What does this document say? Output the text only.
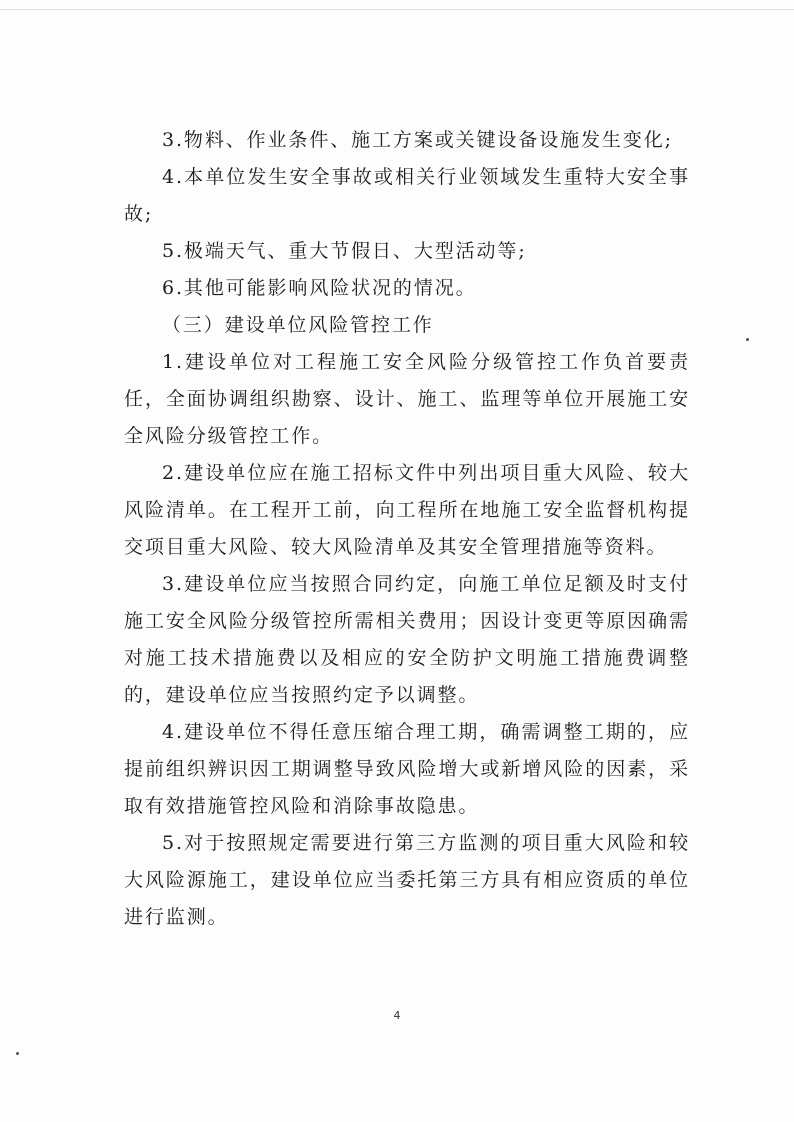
3.物料、作业条件、施工方案或关键设备设施发生变化;

4.本单位发生安全事故或相关行业领域发生重特大安全事故;

5.极端天气、重大节假日、大型活动等;

6.其他可能影响风险状况的情况。

（三）建设单位风险管控工作

1.建设单位对工程施工安全风险分级管控工作负首要责任，全面协调组织勘察、设计、施工、监理等单位开展施工安全风险分级管控工作。

2.建设单位应在施工招标文件中列出项目重大风险、较大风险清单。在工程开工前，向工程所在地施工安全监督机构提交项目重大风险、较大风险清单及其安全管理措施等资料。

3.建设单位应当按照合同约定，向施工单位足额及时支付施工安全风险分级管控所需相关费用；因设计变更等原因确需对施工技术措施费以及相应的安全防护文明施工措施费调整的，建设单位应当按照约定予以调整。

4.建设单位不得任意压缩合理工期，确需调整工期的，应提前组织辨识因工期调整导致风险增大或新增风险的因素，采取有效措施管控风险和消除事故隐患。

5.对于按照规定需要进行第三方监测的项目重大风险和较大风险源施工，建设单位应当委托第三方具有相应资质的单位进行监测。

4
